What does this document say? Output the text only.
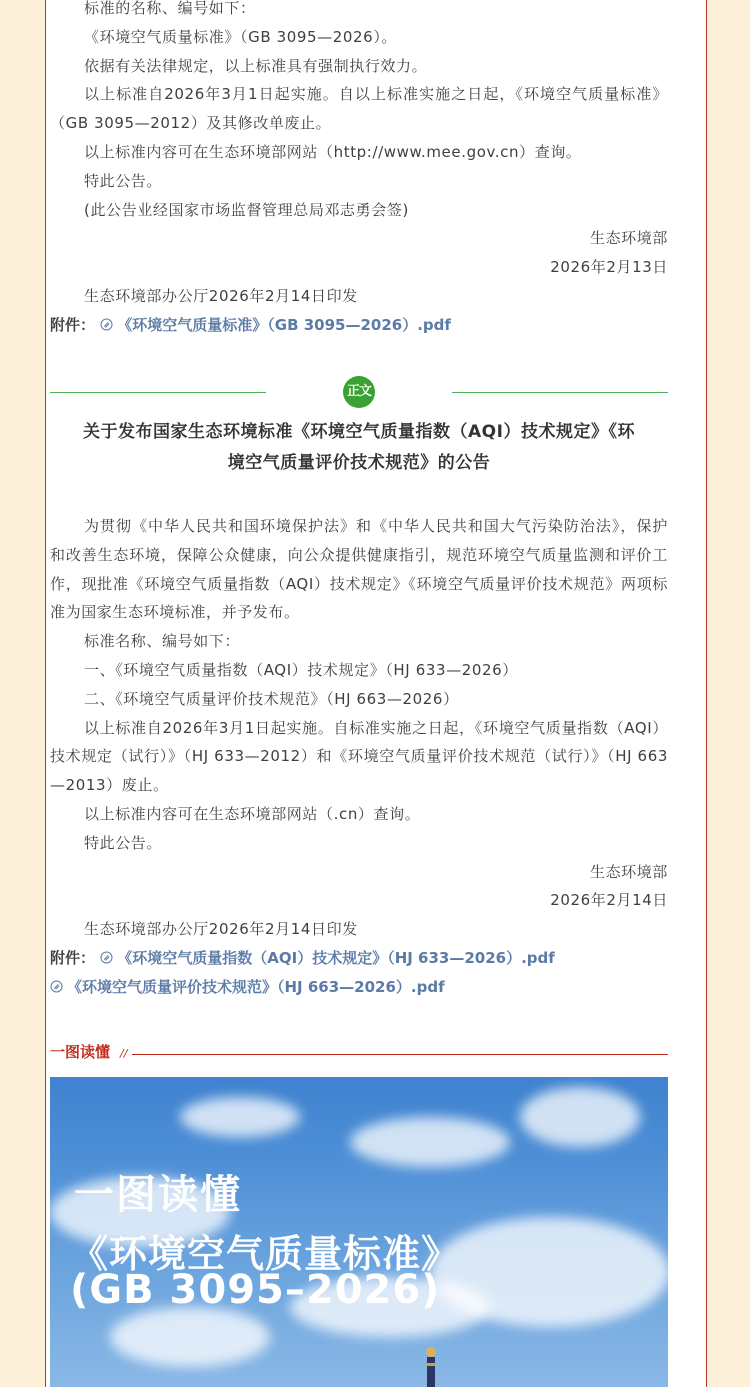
标准的名称、编号如下：

《环境空气质量标准》（GB 3095—2026）。

依据有关法律规定，以上标准具有强制执行效力。

以上标准自2026年3月1日起实施。自以上标准实施之日起，《环境空气质量标准》（GB 3095—2012）及其修改单废止。

以上标准内容可在生态环境部网站（http://www.mee.gov.cn）查询。

特此公告。

(此公告业经国家市场监督管理总局邓志勇会签)

生态环境部

2026年2月13日

生态环境部办公厅2026年2月14日印发

附件： 《环境空气质量标准》（GB 3095—2026）.pdf

正文

关于发布国家生态环境标准《环境空气质量指数（AQI）技术规定》《环

境空气质量评价技术规范》的公告

为贯彻《中华人民共和国环境保护法》和《中华人民共和国大气污染防治法》，保护和改善生态环境，保障公众健康，向公众提供健康指引，规范环境空气质量监测和评价工作，现批准《环境空气质量指数（AQI）技术规定》《环境空气质量评价技术规范》两项标准为国家生态环境标准，并予发布。

标准名称、编号如下：

一、《环境空气质量指数（AQI）技术规定》（HJ 633—2026）

二、《环境空气质量评价技术规范》（HJ 663—2026）

以上标准自2026年3月1日起实施。自标准实施之日起，《环境空气质量指数（AQI）技术规定（试行）》（HJ 633—2012）和《环境空气质量评价技术规范（试行）》（HJ 663—2013）废止。

以上标准内容可在生态环境部网站（.cn）查询。

特此公告。

生态环境部

2026年2月14日

生态环境部办公厅2026年2月14日印发

附件： 《环境空气质量指数（AQI）技术规定》（HJ 633—2026）.pdf

《环境空气质量评价技术规范》（HJ 663—2026）.pdf

一图读懂 //
一图读懂
《环境空气质量标准》
(GB 3095–2026)
